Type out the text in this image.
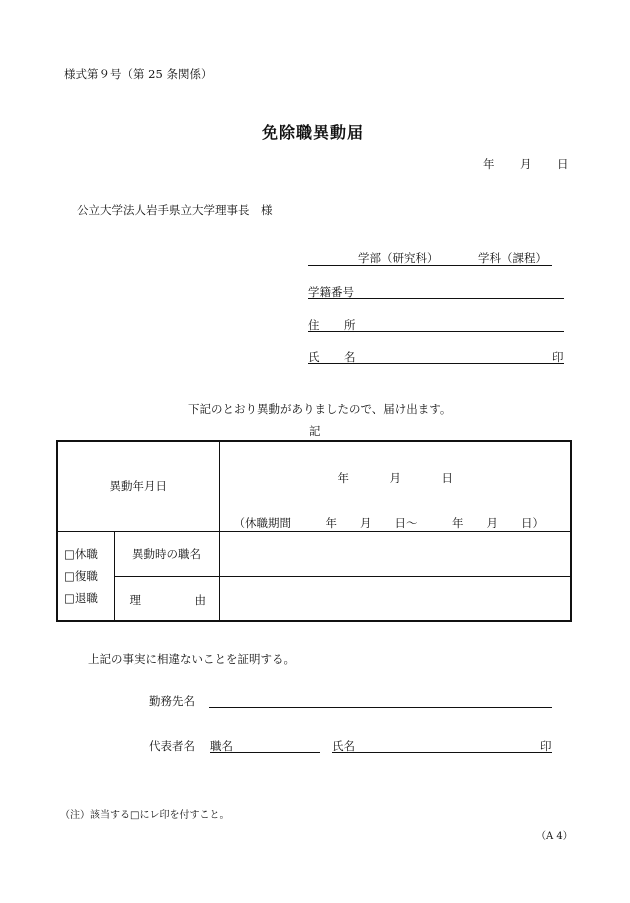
様式第９号（第 25 条関係）
免除職異動届
年 月 日
公立大学法人岩手県立大学理事長　様
学部（研究科）	学科（課程）
学籍番号
住 所
氏 名	印
下記のとおり異動がありましたので、届け出ます。
記
異動年月日		年 月 日
（休職期間　　　年　　月　　日～　　　年　　月　　日）

□休職
□復職
□退職	異動時の職名	

	理 由	

上記の事実に相違ないことを証明する。
勤務先名
代表者名 職名	氏名	印
（注）該当する□にレ印を付すこと。
（A 4）
